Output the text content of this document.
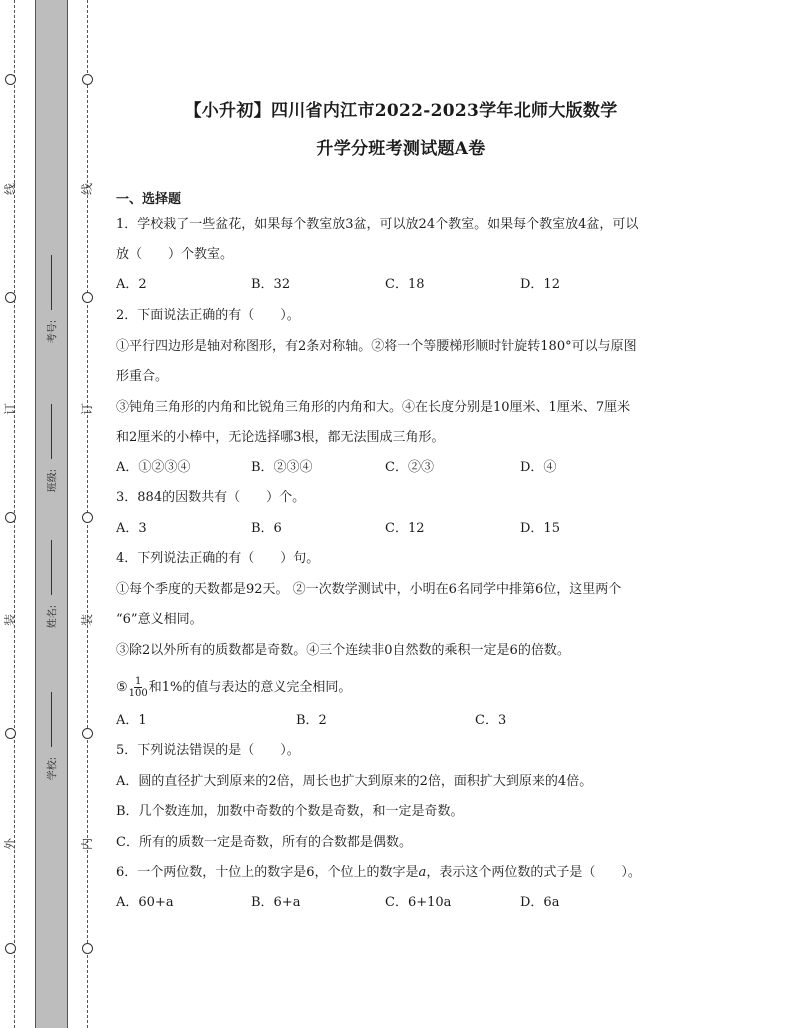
线
订
装
外
线
订
装
内
考号:
班级:
姓名:
学校:
【小升初】四川省内江市2022-2023学年北师大版数学
升学分班考测试题A卷
一、选择题
1．学校栽了一些盆花，如果每个教室放3盆，可以放24个教室。如果每个教室放4盆，可以
放（　　）个教室。
A．2	B．32	C．18	D．12
2．下面说法正确的有（　　）。
①平行四边形是轴对称图形，有2条对称轴。②将一个等腰梯形顺时针旋转180°可以与原图
形重合。
③钝角三角形的内角和比锐角三角形的内角和大。④在长度分别是10厘米、1厘米、7厘米
和2厘米的小棒中，无论选择哪3根，都无法围成三角形。
A．①②③④	B．②③④	C．②③	D．④
3．884的因数共有（　　）个。
A．3	B．6	C．12	D．15
4．下列说法正确的有（　　）句。
①每个季度的天数都是92天。 ②一次数学测试中，小明在6名同学中排第6位，这里两个
“6”意义相同。
③除2以外所有的质数都是奇数。④三个连续非0自然数的乘积一定是6的倍数。
⑤ $\frac{1}{100}$ 和1%的值与表达的意义完全相同。
A．1	B．2	C．3
5．下列说法错误的是（　　）。
A．圆的直径扩大到原来的2倍，周长也扩大到原来的2倍，面积扩大到原来的4倍。
B．几个数连加，加数中奇数的个数是奇数，和一定是奇数。
C．所有的质数一定是奇数，所有的合数都是偶数。
6．一个两位数，十位上的数字是6，个位上的数字是a，表示这个两位数的式子是（　　）。
A．60+a	B．6+a	C．6+10a	D．6a
